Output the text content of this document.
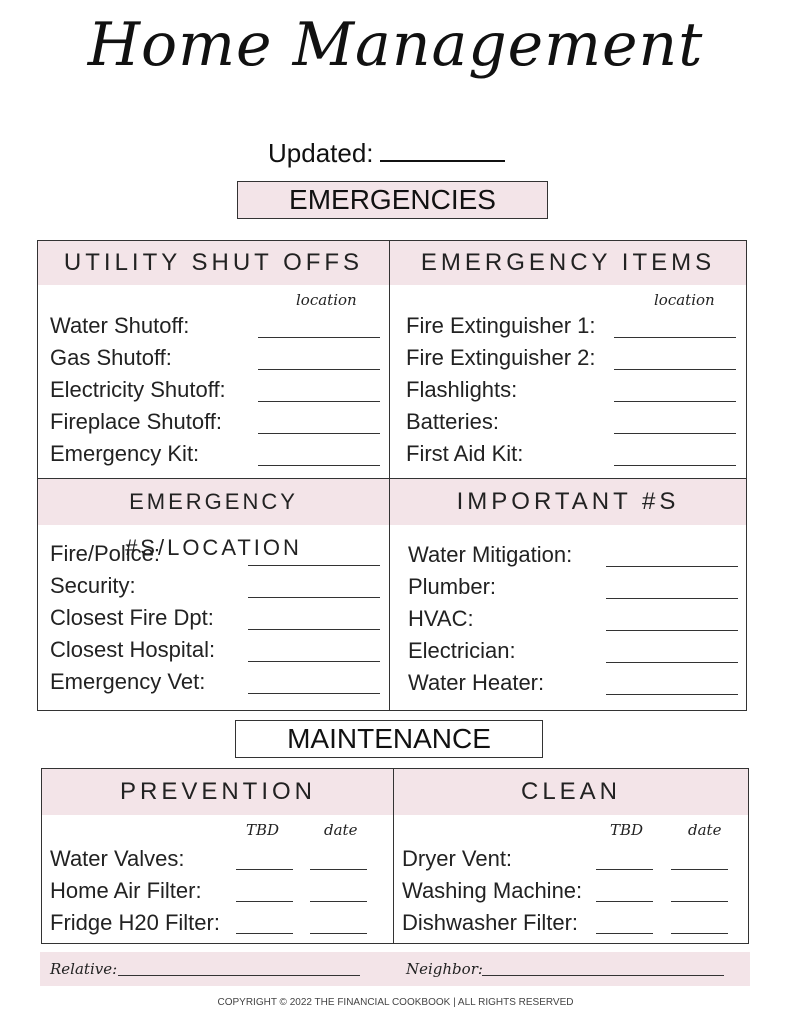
Home Management
Updated:
EMERGENCIES
UTILITY SHUT OFFS
location
Water Shutoff:
Gas Shutoff:
Electricity Shutoff:
Fireplace Shutoff:
Emergency Kit:
EMERGENCY ITEMS
location
Fire Extinguisher 1:
Fire Extinguisher 2:
Flashlights:
Batteries:
First Aid Kit:
EMERGENCY #S/LOCATION
Fire/Police:
Security:
Closest Fire Dpt:
Closest Hospital:
Emergency Vet:
IMPORTANT #S
Water Mitigation:
Plumber:
HVAC:
Electrician:
Water Heater:
MAINTENANCE
PREVENTION
TBD	date
Water Valves:
Home Air Filter:
Fridge H20 Filter:
CLEAN
TBD	date
Dryer Vent:
Washing Machine:
Dishwasher Filter:
Relative:	Neighbor:
COPYRIGHT © 2022 THE FINANCIAL COOKBOOK | ALL RIGHTS RESERVED
